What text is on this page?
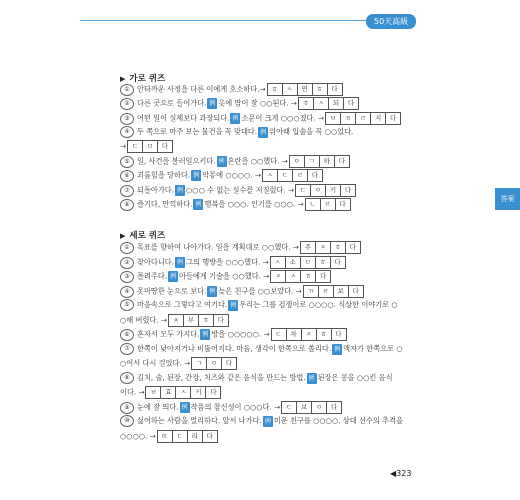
50天高級
答案
▶ 가로 퀴즈
▶ 세로 퀴즈
① 안타까운 사정을 다른 이에게 호소하다.→ ㅎ	ㅅ	연	ㅎ	다
② 다른 곳으로 들어가다. 例 옷에 땀이 잘 ○○된다. → ㅎ	ㅅ	되	다
③ 어떤 일이 실제보다 과장되다. 例 소문이 크게 ○○○졌다. → ㅂ	ㅍ	ㄹ	지	다
④ 두 쪽으로 마주 보는 물건을 꼭 맞대다. 例 위아래 입술을 꼭 ○○었다.
→ ㄷ	ㅁ	다
⑤ 일, 사건을 불러일으키다. 例 혼란을 ○○했다. → ㅇ	ㄱ	하	다
⑥ 괴롭힘을 당하다. 例 악몽에 ○○○○. → ㅅ	ㄷ	ㄹ	다
⑦ 되돌아가다. 例 ○○○ 수 없는 실수를 저질렀다. → ㄷ	ㅇ	키	다
⑧ 즐기다, 만끽하다. 例 행복을 ○○○. 인기를 ○○○. → ㄴ	ㄹ	다
① 목표를 향하여 나아가다. 일을 계획대로 ○○했다. → 주	ㅈ	ㅎ	다
② 찾아다니다. 例 그의 행방을 ○○○했다. → ㅅ	소	ㅁ	ㅎ	다
③ 몰려주다. 例 아들에게 기술을 ○○했다. → ㅈ	ㅅ	ㅎ	다
④ 못마땅한 눈으로 보다. 例 늦은 친구를 ○○보았다. → ㄲ	ㄹ	보	다
⑤ 마음속으로 그렇다고 여기다. 例 우리는 그를 검쟁이로 ○○○○. 식상한 이야기로 ○
○해 버렸다. → ㅊ	부	ㅎ	다
⑥ 혼자서 모두 가지다. 例 방을 ○○○○○. → ㄷ	차	ㅈ	ㅎ	다
⑦ 한쪽이 낮아지거나 비뚤어지다. 마음, 생각이 한쪽으로 쏠리다. 例 액자가 한쪽으로 ○
○어서 다시 걸었다. → ㄱ	ㅇ	다
⑧ 김치, 술, 된장, 간장, 치즈와 같은 음식을 만드는 방법. 例 된장은 콩을 ○○킨 음식
이다. → ㅂ	효	ㅅ	키	다
⑨ 눈에 잘 띄다. 例 작품의 참신성이 ○○○다. → ㄷ	보	ㅇ	다
⑩ 싫어하는 사람을 멀리하다. 앞서 나가다. 例 미운 친구를 ○○○○. 상대 선수의 추격을
○○○○. → ㄸ	ㄷ	리	다
◀323
